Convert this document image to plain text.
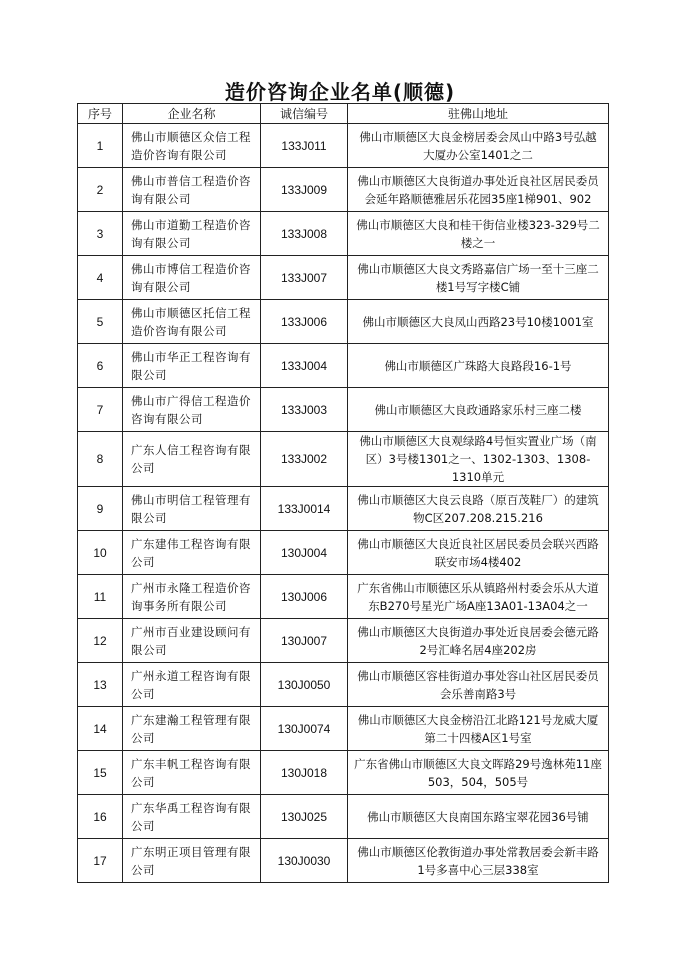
造价咨询企业名单(顺德)
序号	企业名称	诚信编号	驻佛山地址
1	佛山市顺德区众信工程造价咨询有限公司	133J011	佛山市顺德区大良金榜居委会凤山中路3号弘越大厦办公室1401之二
2	佛山市普信工程造价咨询有限公司	133J009	佛山市顺德区大良街道办事处近良社区居民委员会延年路顺德雅居乐花园35座1梯901、902
3	佛山市道勤工程造价咨询有限公司	133J008	佛山市顺德区大良和桂干街信业楼323-329号二楼之一
4	佛山市博信工程造价咨询有限公司	133J007	佛山市顺德区大良文秀路嘉信广场一至十三座二楼1号写字楼C铺
5	佛山市顺德区托信工程造价咨询有限公司	133J006	佛山市顺德区大良凤山西路23号10楼1001室
6	佛山市华正工程咨询有限公司	133J004	佛山市顺德区广珠路大良路段16-1号
7	佛山市广得信工程造价咨询有限公司	133J003	佛山市顺德区大良政通路家乐村三座二楼
8	广东人信工程咨询有限公司	133J002	佛山市顺德区大良观绿路4号恒实置业广场（南区）3号楼1301之一、1302-1303、1308-1310单元
9	佛山市明信工程管理有限公司	133J0014	佛山市顺德区大良云良路（原百茂鞋厂）的建筑物C区207.208.215.216
10	广东建伟工程咨询有限公司	130J004	佛山市顺德区大良近良社区居民委员会联兴西路联安市场4楼402
11	广州市永隆工程造价咨询事务所有限公司	130J006	广东省佛山市顺德区乐从镇路州村委会乐从大道东B270号星光广场A座13A01-13A04之一
12	广州市百业建设顾问有限公司	130J007	佛山市顺德区大良街道办事处近良居委会德元路2号汇峰名居4座202房
13	广州永道工程咨询有限公司	130J0050	佛山市顺德区容桂街道办事处容山社区居民委员会乐善南路3号
14	广东建瀚工程管理有限公司	130J0074	佛山市顺德区大良金榜沿江北路121号龙威大厦第二十四楼A区1号室
15	广东丰帆工程咨询有限公司	130J018	广东省佛山市顺德区大良文晖路29号逸林苑11座503，504，505号
16	广东华禹工程咨询有限公司	130J025	佛山市顺德区大良南国东路宝翠花园36号铺
17	广东明正项目管理有限公司	130J0030	佛山市顺德区伦教街道办事处常教居委会新丰路1号多喜中心三层338室
